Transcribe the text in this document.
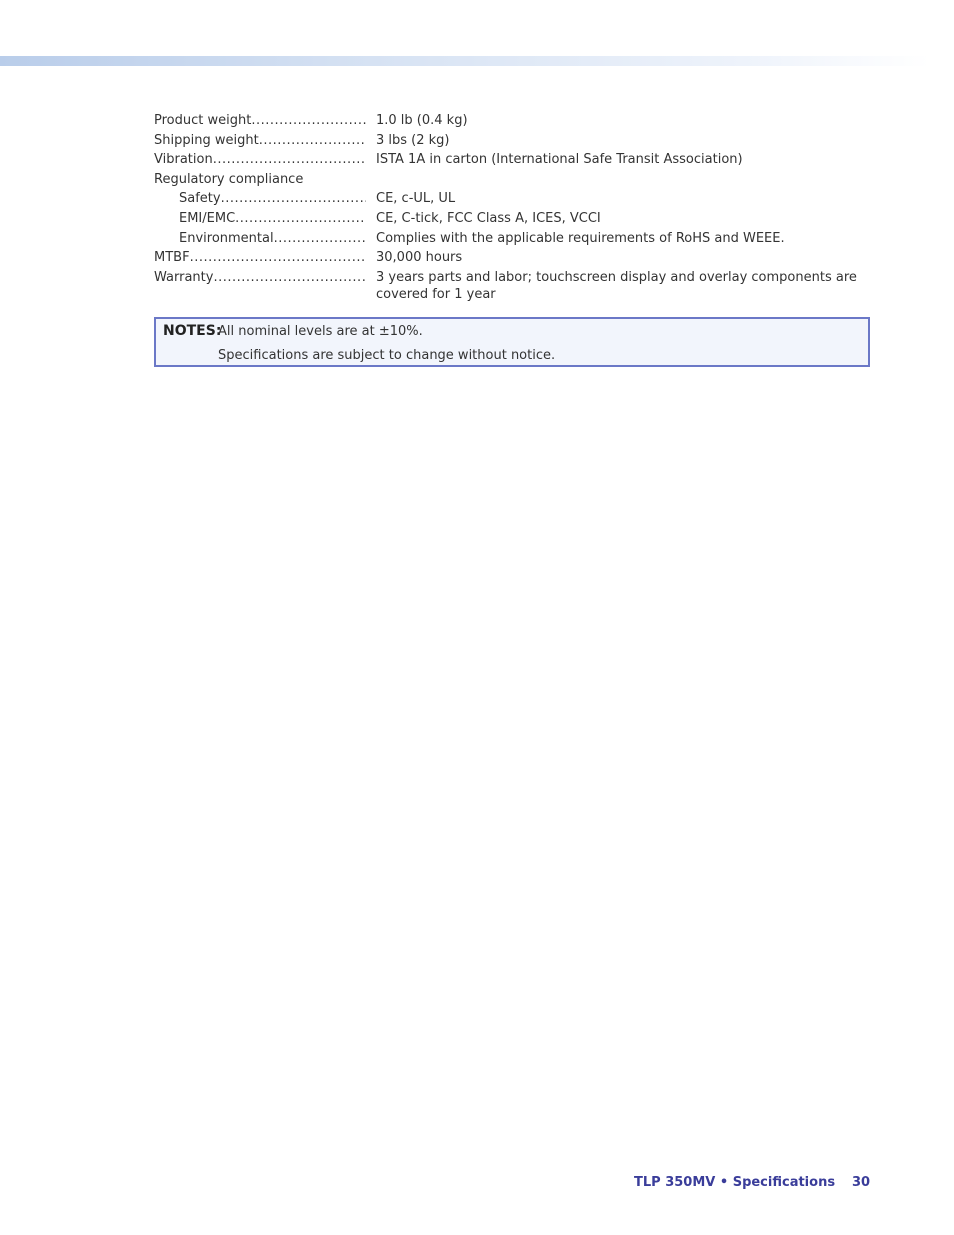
Product weight .....	1.0 lb (0.4 kg)
Shipping weight .....	3 lbs (2 kg)
Vibration .....	ISTA 1A in carton (International Safe Transit Association)
Regulatory compliance
Safety .....	CE, c-UL, UL
EMI/EMC .....	CE, C-tick, FCC Class A, ICES, VCCI
Environmental .....	Complies with the applicable requirements of RoHS and WEEE.
MTBF .....	30,000 hours
Warranty .....	3 years parts and labor; touchscreen display and overlay components are covered for 1 year
NOTES:
All nominal levels are at ±10%.
Specifications are subject to change without notice.
TLP 350MV • Specifications 30
